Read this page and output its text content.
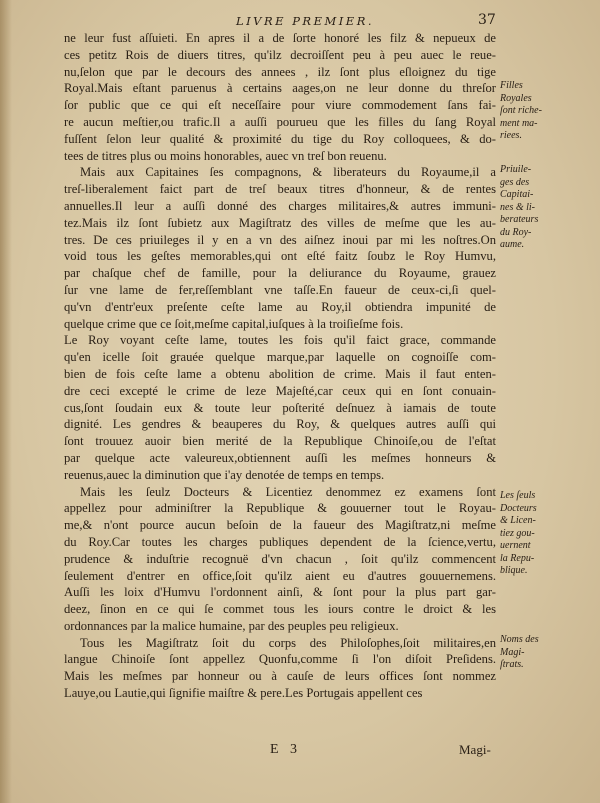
LIVRE PREMIER.	37
ne leur fust aſſuieti. En apres il a de ſorte honoré les filz & nepueux de
ces petitz Rois de diuers titres, qu'ilz decroiſſent peu à peu auec le reue-
nu,ſelon que par le decours des annees , ilz ſont plus eſloignez du tige
Royal.Mais eſtant paruenus à certains aages,on ne leur donne du threſor
ſor public que ce qui eſt neceſſaire pour viure commodement ſans fai-
re aucun meſtier,ou trafic.Il a auſſi pourueu que les filles du ſang Royal
fuſſent ſelon leur qualité & proximité du tige du Roy colloquees, & do-
tees de titres plus ou moins honorables, auec vn treſ bon reuenu.
Mais aux Capitaines ſes compagnons, & liberateurs du Royaume,il a
treſ-liberalement faict part de treſ beaux titres d'honneur, & de rentes
annuelles.Il leur a auſſi donné des charges militaires,& autres immuni-
tez.Mais ilz ſont ſubietz aux Magiſtratz des villes de meſme que les au-
tres. De ces priuileges il y en a vn des aiſnez inoui par mi les noſtres.On
void tous les geſtes memorables,qui ont eſté faitz ſoubz le Roy Humvu,
par chaſque chef de famille, pour la deliurance du Royaume, grauez
ſur vne lame de fer,reſſemblant vne taſſe.En faueur de ceux-ci,ſi quel-
qu'vn d'entr'eux preſente ceſte lame au Roy,il obtiendra impunité de
quelque crime que ce ſoit,meſme capital,iuſques à la troiſieſme fois.
Le Roy voyant ceſte lame, toutes les fois qu'il faict grace, commande
qu'en icelle ſoit grauée quelque marque,par laquelle on cognoiſſe com-
bien de fois ceſte lame a obtenu abolition de crime. Mais il faut enten-
dre ceci excepté le crime de leze Majeſté,car ceux qui en ſont conuain-
cus,ſont ſoudain eux & toute leur poſterité deſnuez à iamais de toute
dignité. Les gendres & beauperes du Roy, & quelques autres auſſi qui
ſont trouuez auoir bien merité de la Republique Chinoiſe,ou de l'eſtat
par quelque acte valeureux,obtiennent auſſi les meſmes honneurs &
reuenus,auec la diminution que i'ay denotée de temps en temps.
Mais les ſeulz Docteurs & Licentiez denommez ez examens ſont
appellez pour adminiſtrer la Republique & gouuerner tout le Royau-
me,& n'ont pource aucun beſoin de la faueur des Magiſtratz,ni meſme
du Roy.Car toutes les charges publiques dependent de la ſcience,vertu,
prudence & induſtrie recognuë d'vn chacun , ſoit qu'ilz commencent
ſeulement d'entrer en office,ſoit qu'ilz aient eu d'autres gouuernemens.
Auſſi les loix d'Humvu l'ordonnent ainſi, & ſont pour la plus part gar-
deez, ſinon en ce qui ſe commet tous les iours contre le droict & les
ordonnances par la malice humaine, par des peuples peu religieux.
Tous les Magiſtratz ſoit du corps des Philoſophes,ſoit militaires,en
langue Chinoiſe ſont appellez Quonfu,comme ſi l'on diſoit Preſidens.
Mais les meſmes par honneur ou à cauſe de leurs offices ſont nommez
Lauye,ou Lautie,qui ſignifie maiſtre & pere.Les Portugais appellent ces
Filles
Royales
ſont riche-
ment ma-
riees.
Priuile-
ges des
Capitai-
nes & li-
berateurs
du Roy-
aume.
Les ſeuls
Docteurs
& Licen-
tiez gou-
uernent
la Repu-
blique.
Noms des
Magi-
ſtrats.
E 3	Magi-
